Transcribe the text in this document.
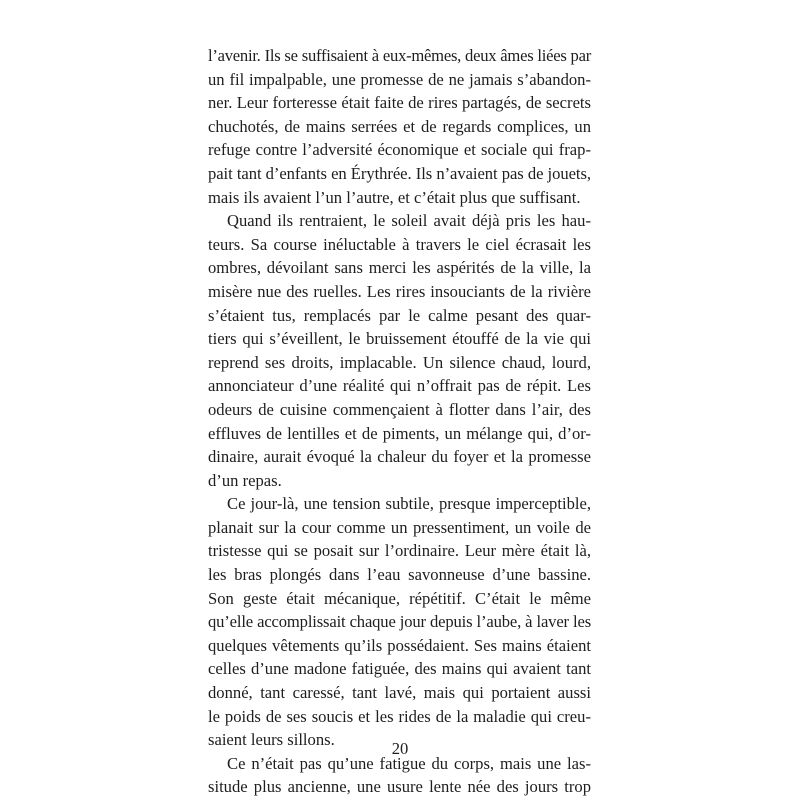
l’avenir. Ils se suffisaient à eux-mêmes, deux âmes liées par
un fil impalpable, une promesse de ne jamais s’abandon-
ner. Leur forteresse était faite de rires partagés, de secrets
chuchotés, de mains serrées et de regards complices, un
refuge contre l’adversité économique et sociale qui frap-
pait tant d’enfants en Érythrée. Ils n’avaient pas de jouets,
mais ils avaient l’un l’autre, et c’était plus que suffisant.

Quand ils rentraient, le soleil avait déjà pris les hau-
teurs. Sa course inéluctable à travers le ciel écrasait les
ombres, dévoilant sans merci les aspérités de la ville, la
misère nue des ruelles. Les rires insouciants de la rivière
s’étaient tus, remplacés par le calme pesant des quar-
tiers qui s’éveillent, le bruissement étouffé de la vie qui
reprend ses droits, implacable. Un silence chaud, lourd,
annonciateur d’une réalité qui n’offrait pas de répit. Les
odeurs de cuisine commençaient à flotter dans l’air, des
effluves de lentilles et de piments, un mélange qui, d’or-
dinaire, aurait évoqué la chaleur du foyer et la promesse
d’un repas.

Ce jour-là, une tension subtile, presque imperceptible,
planait sur la cour comme un pressentiment, un voile de
tristesse qui se posait sur l’ordinaire. Leur mère était là,
les bras plongés dans l’eau savonneuse d’une bassine.
Son geste était mécanique, répétitif. C’était le même
qu’elle accomplissait chaque jour depuis l’aube, à laver les
quelques vêtements qu’ils possédaient. Ses mains étaient
celles d’une madone fatiguée, des mains qui avaient tant
donné, tant caressé, tant lavé, mais qui portaient aussi
le poids de ses soucis et les rides de la maladie qui creu-
saient leurs sillons.

Ce n’était pas qu’une fatigue du corps, mais une las-
situde plus ancienne, une usure lente née des jours trop

20
